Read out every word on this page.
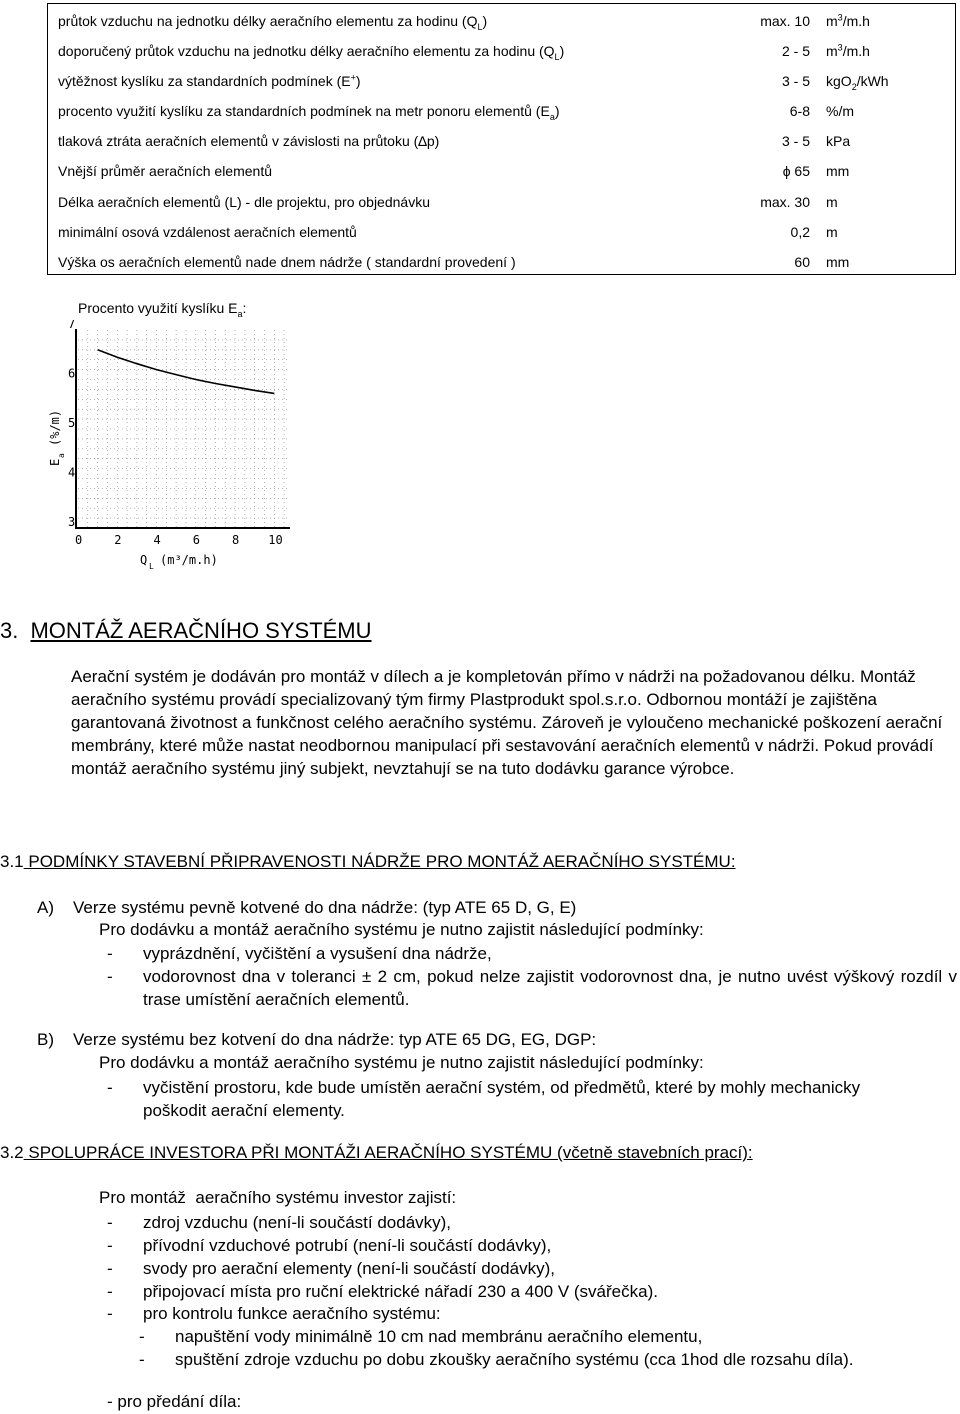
průtok vzduchu na jednotku délky aeračního elementu za hodinu $(Q_L)$	max. 10 $m^3/m.h$
doporučený průtok vzduchu na jednotku délky aeračního elementu za hodinu $(Q_L)$	2 - 5 $m^3/m.h$
výtěžnost kyslíku za standardních podmínek (E+)	3 - 5 kgO$_2$/kWh
procento využití kyslíku za standardních podmínek na metr ponoru elementů $(E_a)$	6-8 %/m
tlaková ztráta aeračních elementů v závislosti na průtoku (∆p)	3 - 5 kPa
Vnější průměr aeračních elementů	ϕ 65 mm
Délka aeračních elementů (L) - dle projektu, pro objednávku	max. 30 m
minimální osová vzdálenost aeračních elementů	0,2 m
Výška os aeračních elementů nade dnem nádrže ( standardní provedení )	60 mm
Procento využití kyslíku $E_a$:
3
4
5
6
7
0	2	4	6	8 10
E
a
(%/m)
Q L (m³/m.h)
3. MONTÁŽ AERAČNÍHO SYSTÉMU
Aerační systém je dodáván pro montáž v dílech a je kompletován přímo v nádrži na požadovanou délku. Montáž aeračního systému provádí specializovaný tým firmy Plastprodukt spol.s.r.o. Odbornou montáží je zajištěna garantovaná životnost a funkčnost celého aeračního systému. Zároveň je vyloučeno mechanické poškození aerační membrány, které může nastat neodbornou manipulací při sestavování aeračních elementů v nádrži. Pokud provádí montáž aeračního systému jiný subjekt, nevztahují se na tuto dodávku garance výrobce.
3.1 PODMÍNKY STAVEBNÍ PŘIPRAVENOSTI NÁDRŽE PRO MONTÁŽ AERAČNÍHO SYSTÉMU:
A) Verze systému pevně kotvené do dna nádrže: (typ ATE 65 D, G, E)
Pro dodávku a montáž aeračního systému je nutno zajistit následující podmínky:
- vyprázdnění, vyčištění a vysušení dna nádrže,
- vodorovnost dna v toleranci ± 2 cm, pokud nelze zajistit vodorovnost dna, je nutno uvést výškový rozdíl v trase umístění aeračních elementů.
B) Verze systému bez kotvení do dna nádrže: typ ATE 65 DG, EG, DGP:
Pro dodávku a montáž aeračního systému je nutno zajistit následující podmínky:
- vyčistění prostoru, kde bude umístěn aerační systém, od předmětů, které by mohly mechanicky poškodit aerační elementy.
3.2 SPOLUPRÁCE INVESTORA PŘI MONTÁŽI AERAČNÍHO SYSTÉMU (včetně stavebních prací):
Pro montáž  aeračního systému investor zajistí:
- zdroj vzduchu (není-li součástí dodávky),
- přívodní vzduchové potrubí (není-li součástí dodávky),
- svody pro aerační elementy (není-li součástí dodávky),
- připojovací místa pro ruční elektrické nářadí 230 a 400 V (svářečka).
- pro kontrolu funkce aeračního systému:
- napuštění vody minimálně 10 cm nad membránu aeračního elementu,
- spuštění zdroje vzduchu po dobu zkoušky aeračního systému (cca 1hod dle rozsahu díla).
- pro předání díla:
